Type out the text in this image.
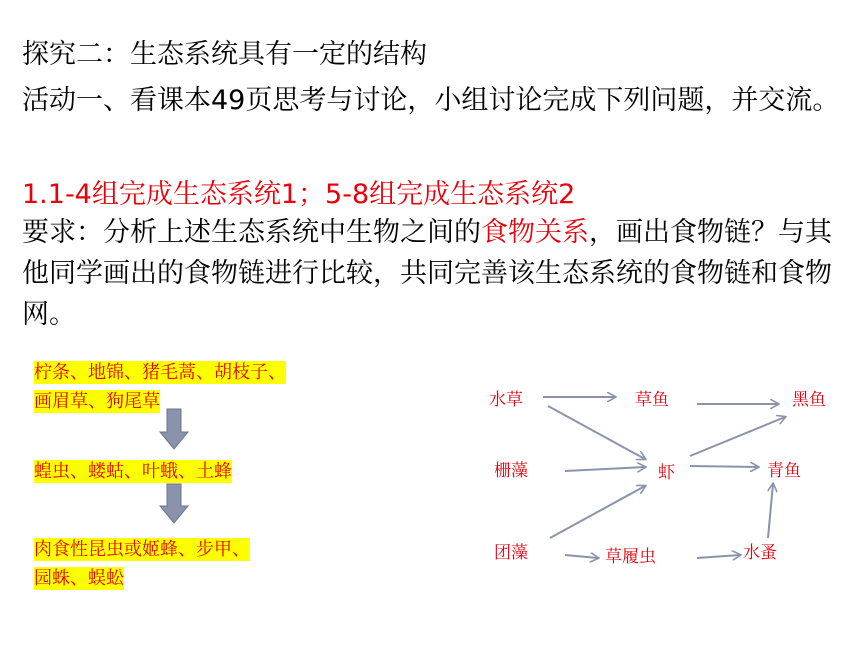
探究二：生态系统具有一定的结构
活动一、看课本49页思考与讨论，小组讨论完成下列问题，并交流。
1.1-4组完成生态系统1；5-8组完成生态系统2
要求：分析上述生态系统中生物之间的食物关系，画出食物链？与其他同学画出的食物链进行比较，共同完善该生态系统的食物链和食物网。
柠条、地锦、猪毛蒿、胡枝子、
画眉草、狗尾草
蝗虫、蝼蛄、叶蛾、土蜂
肉食性昆虫或姬蜂、步甲、
园蛛、蜈蚣
水草	草鱼	黑鱼
栅藻	虾	青鱼
团藻	草履虫	水蚤
